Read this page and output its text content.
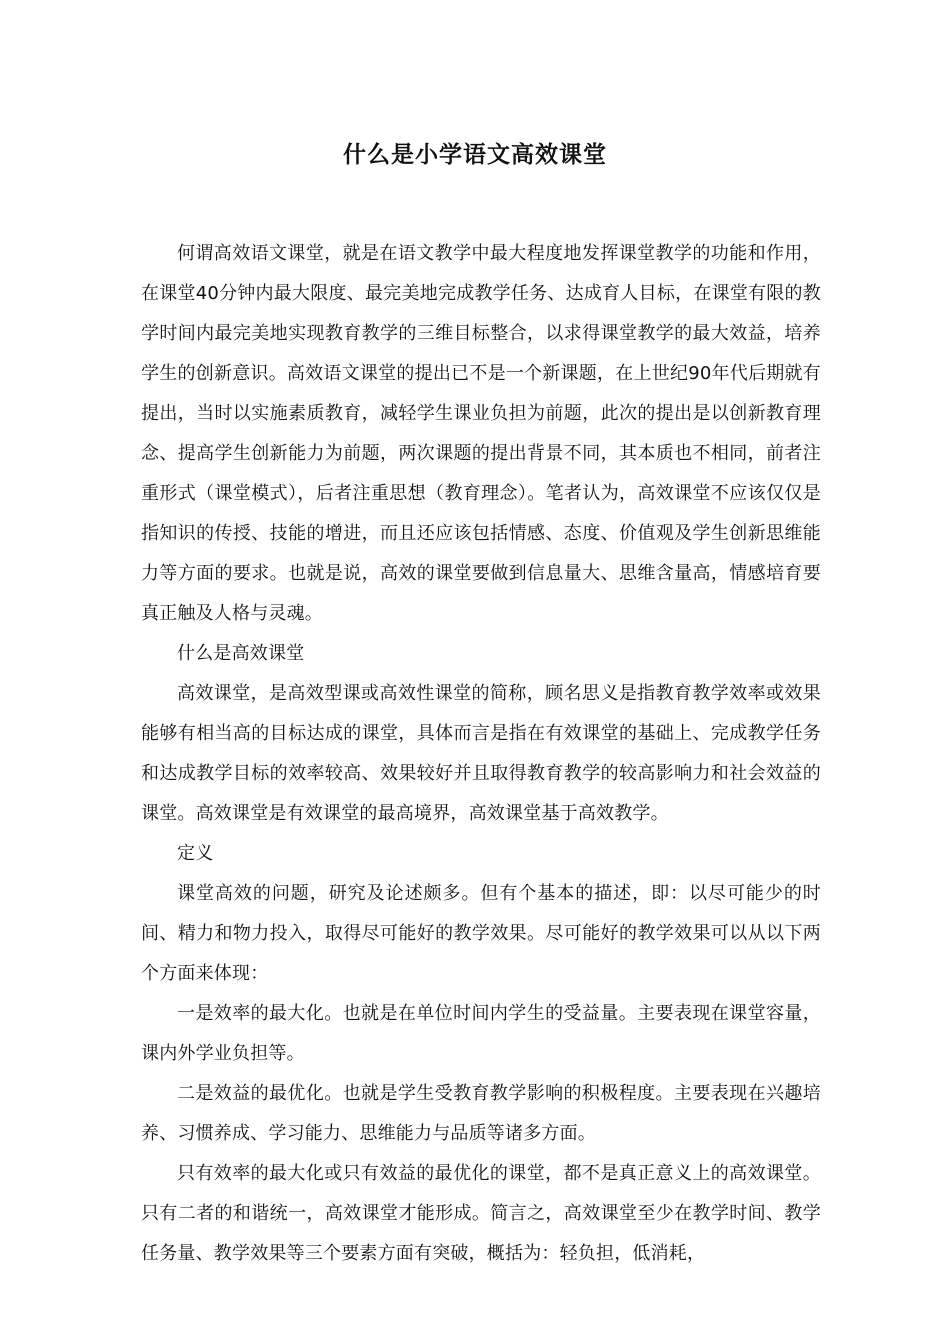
什么是小学语文高效课堂

何谓高效语文课堂，就是在语文教学中最大程度地发挥课堂教学的功能和作用，在课堂40分钟内最大限度、最完美地完成教学任务、达成育人目标，在课堂有限的教学时间内最完美地实现教育教学的三维目标整合，以求得课堂教学的最大效益，培养学生的创新意识。高效语文课堂的提出已不是一个新课题，在上世纪90年代后期就有提出，当时以实施素质教育，减轻学生课业负担为前题，此次的提出是以创新教育理念、提高学生创新能力为前题，两次课题的提出背景不同，其本质也不相同，前者注重形式（课堂模式），后者注重思想（教育理念）。笔者认为，高效课堂不应该仅仅是指知识的传授、技能的增进，而且还应该包括情感、态度、价值观及学生创新思维能力等方面的要求。也就是说，高效的课堂要做到信息量大、思维含量高，情感培育要真正触及人格与灵魂。

什么是高效课堂

高效课堂，是高效型课或高效性课堂的简称，顾名思义是指教育教学效率或效果能够有相当高的目标达成的课堂，具体而言是指在有效课堂的基础上、完成教学任务和达成教学目标的效率较高、效果较好并且取得教育教学的较高影响力和社会效益的课堂。高效课堂是有效课堂的最高境界，高效课堂基于高效教学。

定义

课堂高效的问题，研究及论述颇多。但有个基本的描述，即：以尽可能少的时间、精力和物力投入，取得尽可能好的教学效果。尽可能好的教学效果可以从以下两个方面来体现：

一是效率的最大化。也就是在单位时间内学生的受益量。主要表现在课堂容量，课内外学业负担等。

二是效益的最优化。也就是学生受教育教学影响的积极程度。主要表现在兴趣培养、习惯养成、学习能力、思维能力与品质等诸多方面。

只有效率的最大化或只有效益的最优化的课堂，都不是真正意义上的高效课堂。只有二者的和谐统一，高效课堂才能形成。简言之，高效课堂至少在教学时间、教学任务量、教学效果等三个要素方面有突破，概括为：轻负担，低消耗，
